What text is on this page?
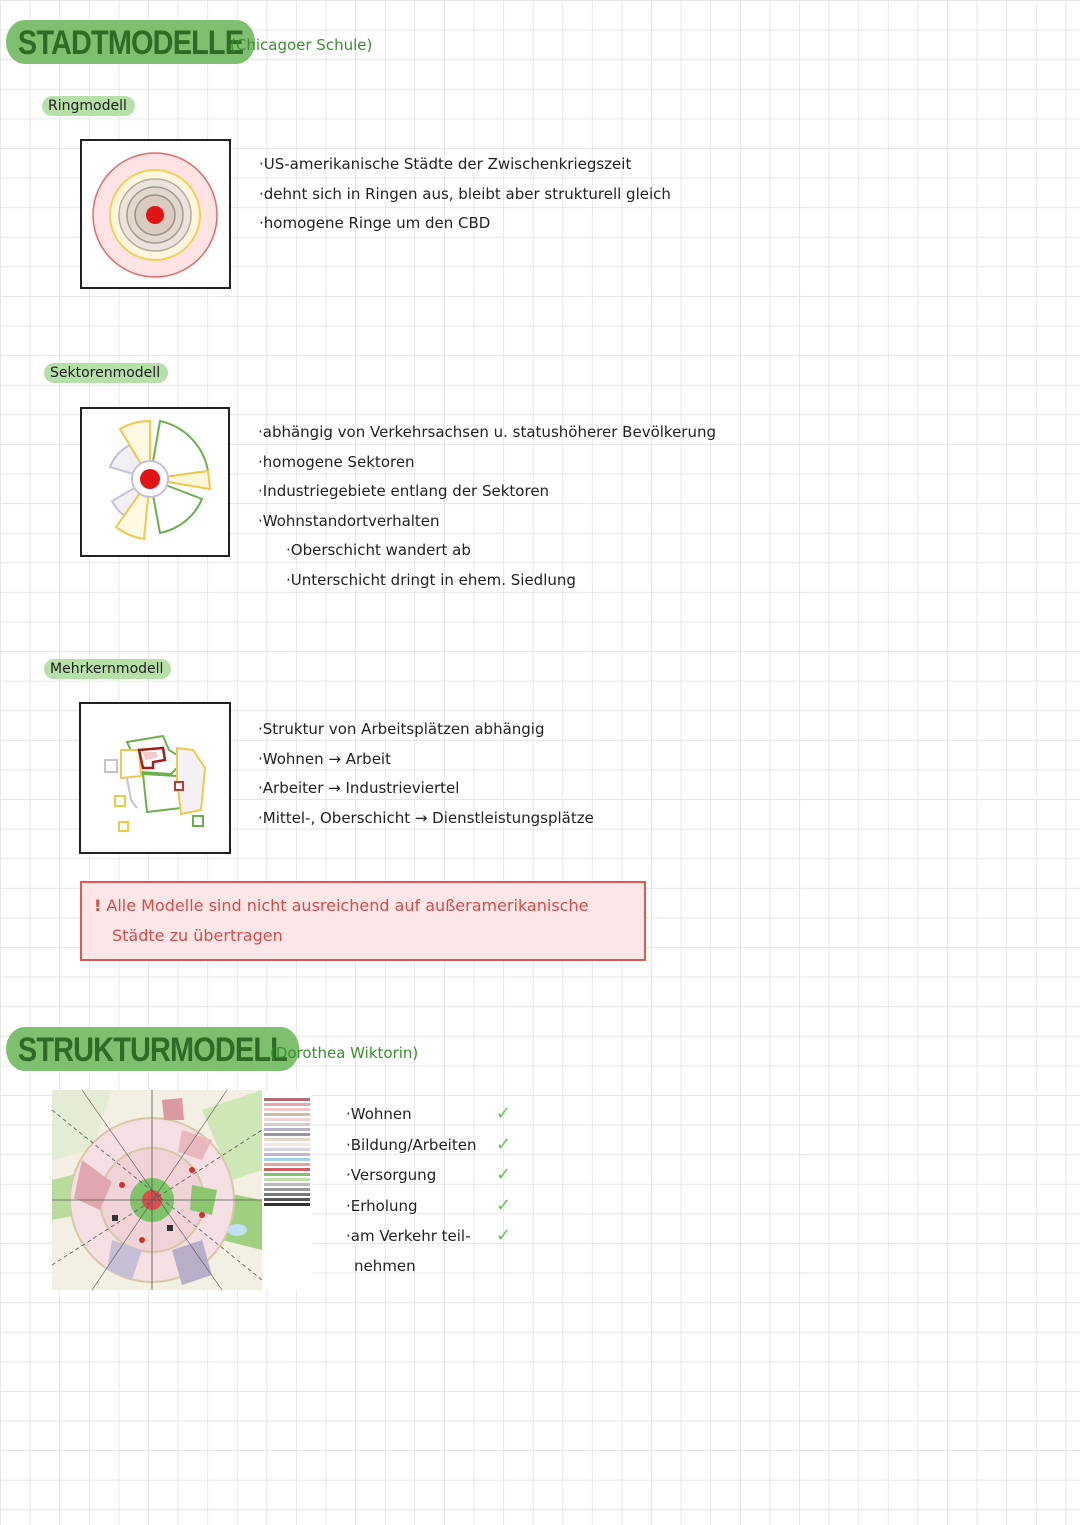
STADTMODELLE
(Chicagoer Schule)
Ringmodell
·US-amerikanische Städte der Zwischenkriegszeit
·dehnt sich in Ringen aus, bleibt aber strukturell gleich
·homogene Ringe um den CBD
Sektorenmodell
·abhängig von Verkehrsachsen u. statushöherer Bevölkerung
·homogene Sektoren
·Industriegebiete entlang der Sektoren
·Wohnstandortverhalten
·Oberschicht wandert ab
·Unterschicht dringt in ehem. Siedlung
Mehrkernmodell
·Struktur von Arbeitsplätzen abhängig
·Wohnen → Arbeit
·Arbeiter → Industrieviertel
·Mittel-, Oberschicht → Dienstleistungsplätze
! Alle Modelle sind nicht ausreichend auf außeramerikanische
Städte zu übertragen
STRUKTURMODELL
(Dorothea Wiktorin)
·Wohnen	✓
·Bildung/Arbeiten ✓
·Versorgung	✓
·Erholung	✓
·am Verkehr teil- ✓
nehmen
